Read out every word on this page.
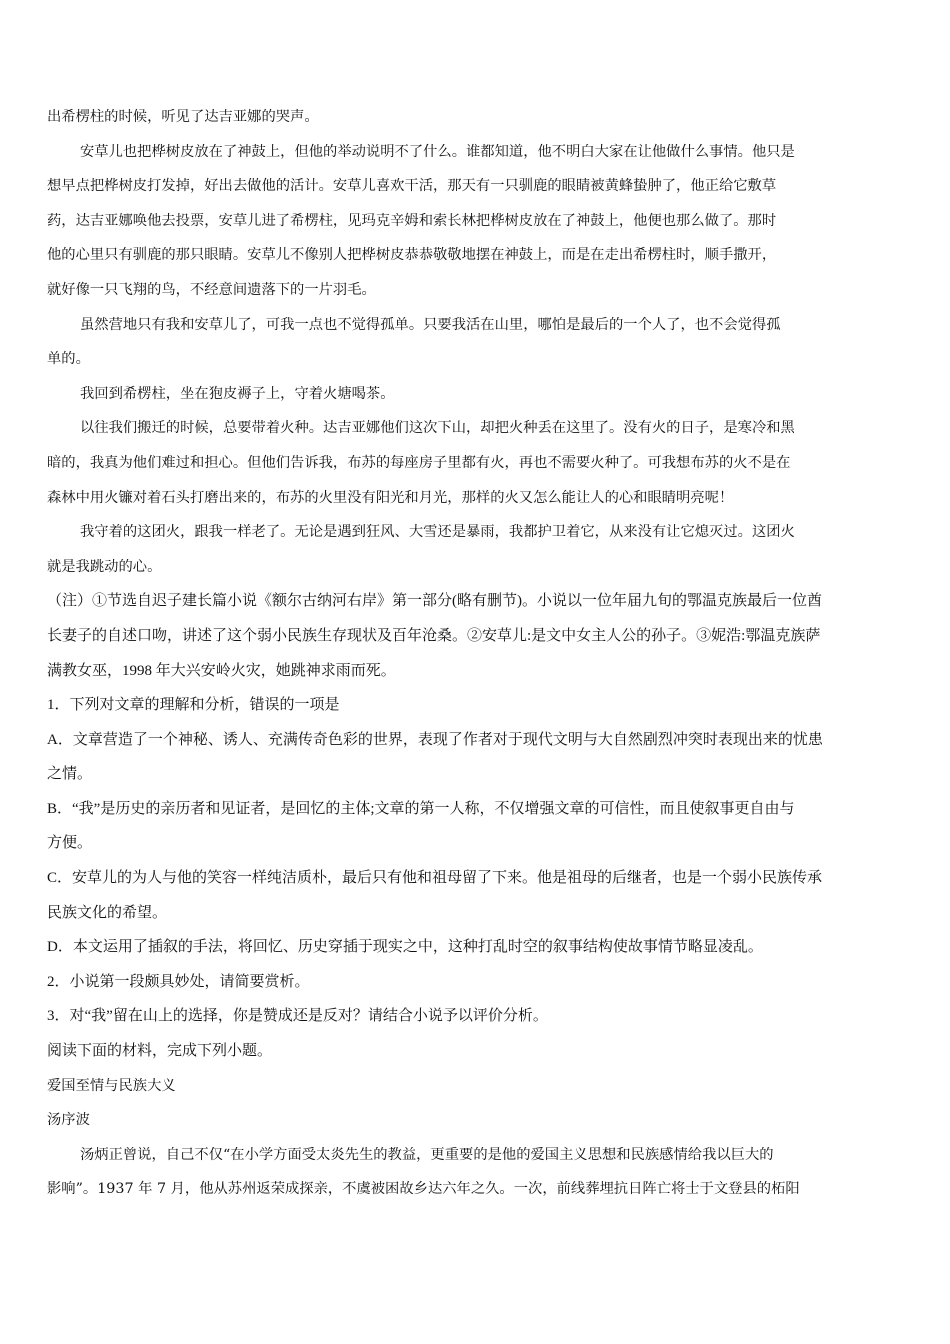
出希楞柱的时候，听见了达吉亚娜的哭声。
安草儿也把桦树皮放在了神鼓上，但他的举动说明不了什么。谁都知道，他不明白大家在让他做什么事情。他只是
想早点把桦树皮打发掉，好出去做他的活计。安草儿喜欢干活，那天有一只驯鹿的眼睛被黄蜂蛰肿了，他正给它敷草
药，达吉亚娜唤他去投票，安草儿进了希楞柱，见玛克辛姆和索长林把桦树皮放在了神鼓上，他便也那么做了。那时
他的心里只有驯鹿的那只眼睛。安草儿不像别人把桦树皮恭恭敬敬地摆在神鼓上，而是在走出希楞柱时，顺手撒开，
就好像一只飞翔的鸟，不经意间遗落下的一片羽毛。
虽然营地只有我和安草儿了，可我一点也不觉得孤单。只要我活在山里，哪怕是最后的一个人了，也不会觉得孤
单的。
我回到希楞柱，坐在狍皮褥子上，守着火塘喝茶。
以往我们搬迁的时候，总要带着火种。达吉亚娜他们这次下山，却把火种丢在这里了。没有火的日子，是寒冷和黑
暗的，我真为他们难过和担心。但他们告诉我，布苏的每座房子里都有火，再也不需要火种了。可我想布苏的火不是在
森林中用火镰对着石头打磨出来的，布苏的火里没有阳光和月光，那样的火又怎么能让人的心和眼睛明亮呢！
我守着的这团火，跟我一样老了。无论是遇到狂风、大雪还是暴雨，我都护卫着它，从来没有让它熄灭过。这团火
就是我跳动的心。
（注）①节选自迟子建长篇小说《额尔古纳河右岸》第一部分(略有删节)。小说以一位年届九旬的鄂温克族最后一位酋
长妻子的自述口吻，讲述了这个弱小民族生存现状及百年沧桑。②安草儿:是文中女主人公的孙子。③妮浩:鄂温克族萨
满教女巫，1998 年大兴安岭火灾，她跳神求雨而死。
1．下列对文章的理解和分析，错误的一项是
A．文章营造了一个神秘、诱人、充满传奇色彩的世界，表现了作者对于现代文明与大自然剧烈冲突时表现出来的忧患
之情。
B．“我”是历史的亲历者和见证者，是回忆的主体;文章的第一人称，不仅增强文章的可信性，而且使叙事更自由与
方便。
C．安草儿的为人与他的笑容一样纯洁质朴，最后只有他和祖母留了下来。他是祖母的后继者，也是一个弱小民族传承
民族文化的希望。
D．本文运用了插叙的手法，将回忆、历史穿插于现实之中，这种打乱时空的叙事结构使故事情节略显凌乱。
2．小说第一段颇具妙处，请简要赏析。
3．对“我”留在山上的选择，你是赞成还是反对？请结合小说予以评价分析。
阅读下面的材料，完成下列小题。
爱国至情与民族大义
汤序波
汤炳正曾说，自己不仅“在小学方面受太炎先生的教益，更重要的是他的爱国主义思想和民族感情给我以巨大的
影响”。1937 年 7 月，他从苏州返荣成探亲，不虞被困故乡达六年之久。一次，前线葬埋抗日阵亡将士于文登县的柘阳
